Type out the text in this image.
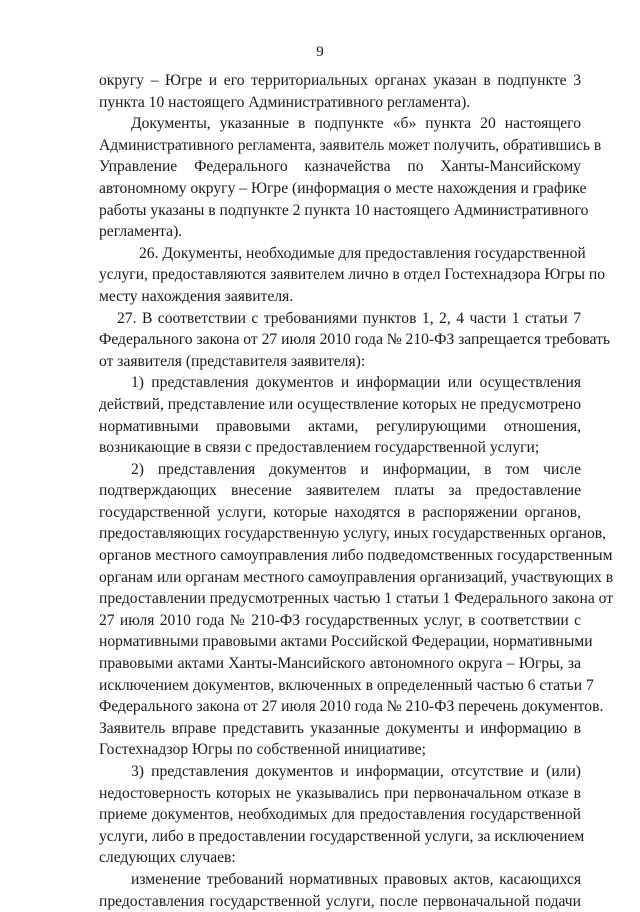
9
округу – Югре и его территориальных органах указан в подпункте 3
пункта 10 настоящего Административного регламента).
Документы, указанные в подпункте «б» пункта 20 настоящего
Административного регламента, заявитель может получить, обратившись в
Управление Федерального казначейства по Ханты-Мансийскому
автономному округу – Югре (информация о месте нахождения и графике
работы указаны в подпункте 2 пункта 10 настоящего Административного
регламента).
26. Документы, необходимые для предоставления государственной
услуги, предоставляются заявителем лично в отдел Гостехнадзора Югры по
месту нахождения заявителя.
27. В соответствии с требованиями пунктов 1, 2, 4 части 1 статьи 7
Федерального закона от 27 июля 2010 года № 210-ФЗ запрещается требовать
от заявителя (представителя заявителя):
1) представления документов и информации или осуществления
действий, представление или осуществление которых не предусмотрено
нормативными правовыми актами, регулирующими отношения,
возникающие в связи с предоставлением государственной услуги;
2) представления документов и информации, в том числе
подтверждающих внесение заявителем платы за предоставление
государственной услуги, которые находятся в распоряжении органов,
предоставляющих государственную услугу, иных государственных органов,
органов местного самоуправления либо подведомственных государственным
органам или органам местного самоуправления организаций, участвующих в
предоставлении предусмотренных частью 1 статьи 1 Федерального закона от
27 июля 2010 года № 210-ФЗ государственных услуг, в соответствии с
нормативными правовыми актами Российской Федерации, нормативными
правовыми актами Ханты-Мансийского автономного округа – Югры, за
исключением документов, включенных в определенный частью 6 статьи 7
Федерального закона от 27 июля 2010 года № 210-ФЗ перечень документов.
Заявитель вправе представить указанные документы и информацию в
Гостехнадзор Югры по собственной инициативе;
3) представления документов и информации, отсутствие и (или)
недостоверность которых не указывались при первоначальном отказе в
приеме документов, необходимых для предоставления государственной
услуги, либо в предоставлении государственной услуги, за исключением
следующих случаев:
изменение требований нормативных правовых актов, касающихся
предоставления государственной услуги, после первоначальной подачи
